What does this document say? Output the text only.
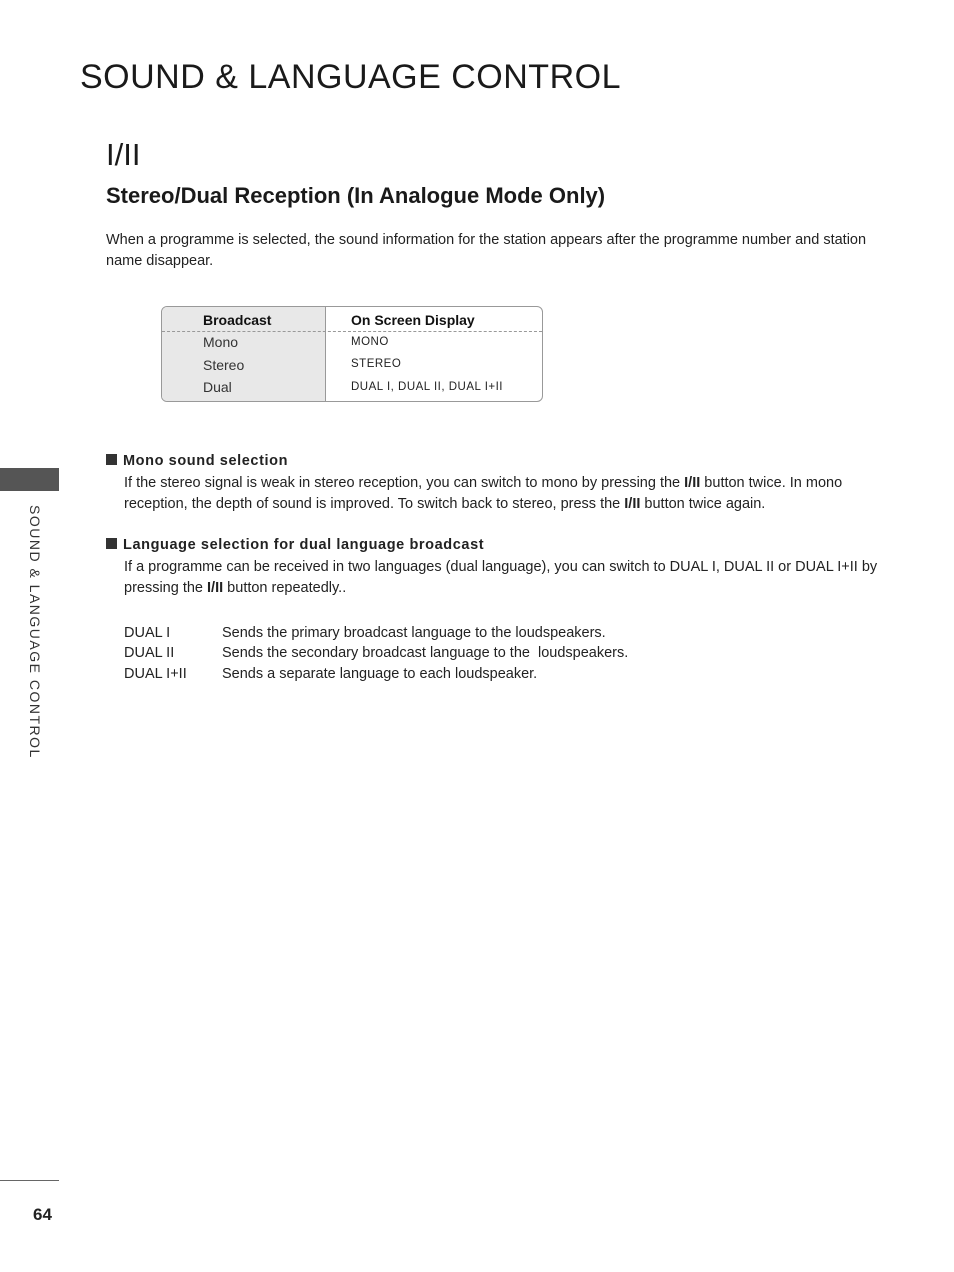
SOUND & LANGUAGE CONTROL
I/II
Stereo/Dual Reception (In Analogue Mode Only)

When a programme is selected, the sound information for the station appears after the programme number and station name disappear.

Broadcast	On Screen Display
Mono	MONO
Stereo	STEREO
Dual	DUAL I, DUAL II, DUAL I+II
SOUND & LANGUAGE CONTROL
Mono sound selection

If the stereo signal is weak in stereo reception, you can switch to mono by pressing the I/II button twice. In mono reception, the depth of sound is improved. To switch back to stereo, press the I/II button twice again.

Language selection for dual language broadcast

If a programme can be received in two languages (dual language), you can switch to DUAL I, DUAL II or DUAL I+II by pressing the I/II button repeatedly..

DUAL I	Sends the primary broadcast language to the loudspeakers.
DUAL II	Sends the secondary broadcast language to the  loudspeakers.
DUAL I+II Sends a separate language to each loudspeaker.
64
